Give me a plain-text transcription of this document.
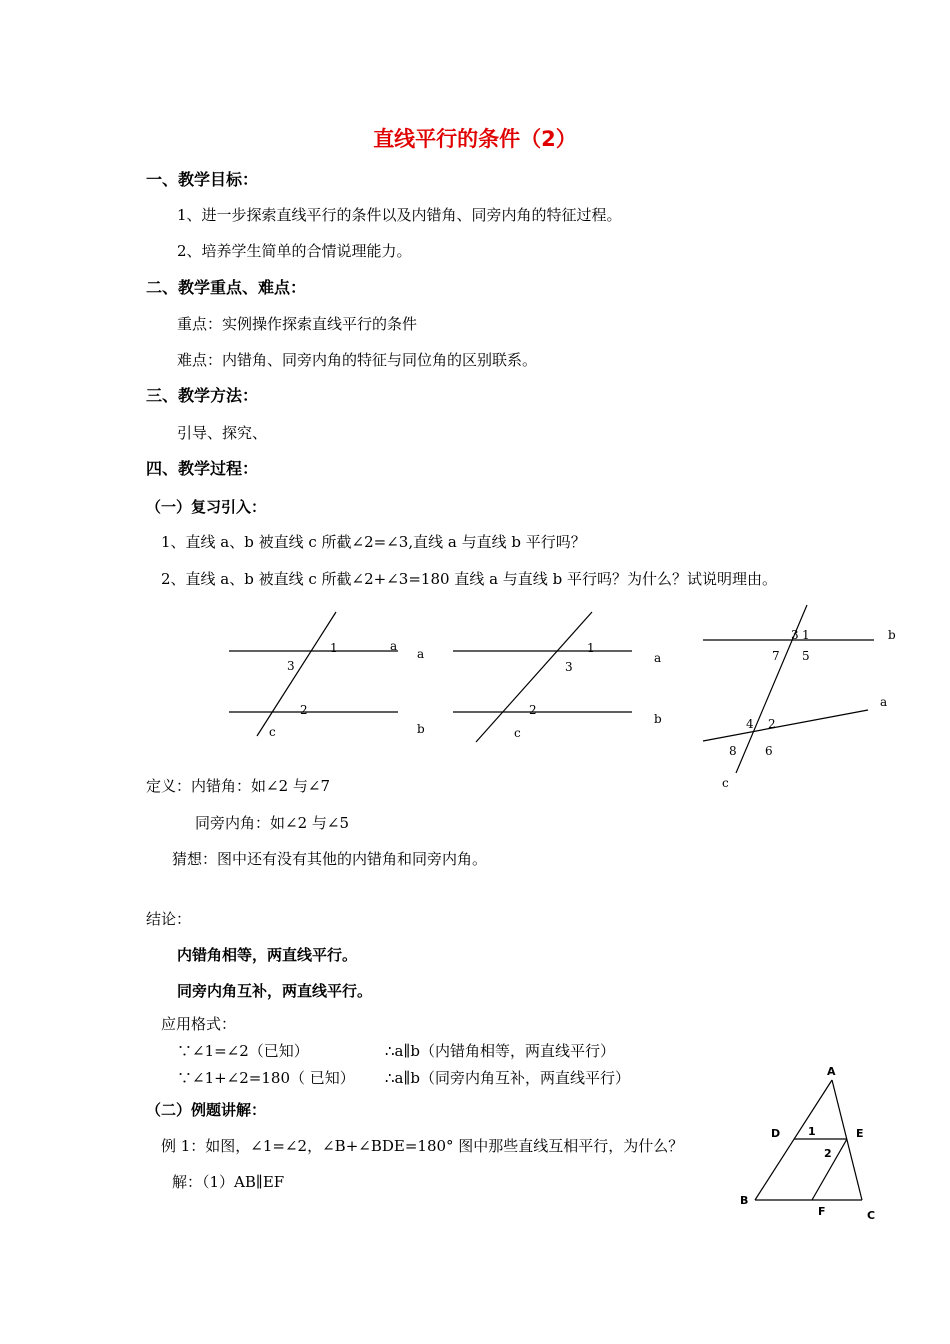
直线平行的条件（2）
一、教学目标：
1、进一步探索直线平行的条件以及内错角、同旁内角的特征过程。
2、培养学生简单的合情说理能力。
二、教学重点、难点：
重点：实例操作探索直线平行的条件
难点：内错角、同旁内角的特征与同位角的区别联系。
三、教学方法：
引导、探究、
四、教学过程：
（一）复习引入：
1、直线 a、b 被直线 c 所截∠2=∠3,直线 a 与直线 b 平行吗？
2、直线 a、b 被直线 c 所截∠2+∠3=180 直线 a 与直线 b 平行吗？为什么？试说明理由。
1
3
2
a
a
b
c
1
3
2
a
b
c
3 1
7 5
4 2
8 6
b
a
c
定义：内错角：如∠2 与∠7
同旁内角：如∠2 与∠5
猜想：图中还有没有其他的内错角和同旁内角。
结论：
内错角相等，两直线平行。
同旁内角互补，两直线平行。
应用格式：
∵∠1=∠2（已知）	∴a∥b（内错角相等，两直线平行）
∵∠1+∠2=180（ 已知） ∴a∥b（同旁内角互补，两直线平行）
（二）例题讲解：
例 1：如图，∠1=∠2，∠B+∠BDE=180° 图中那些直线互相平行，为什么？
解：（1）AB∥EF
A
D	E
B
F	C
1
2
